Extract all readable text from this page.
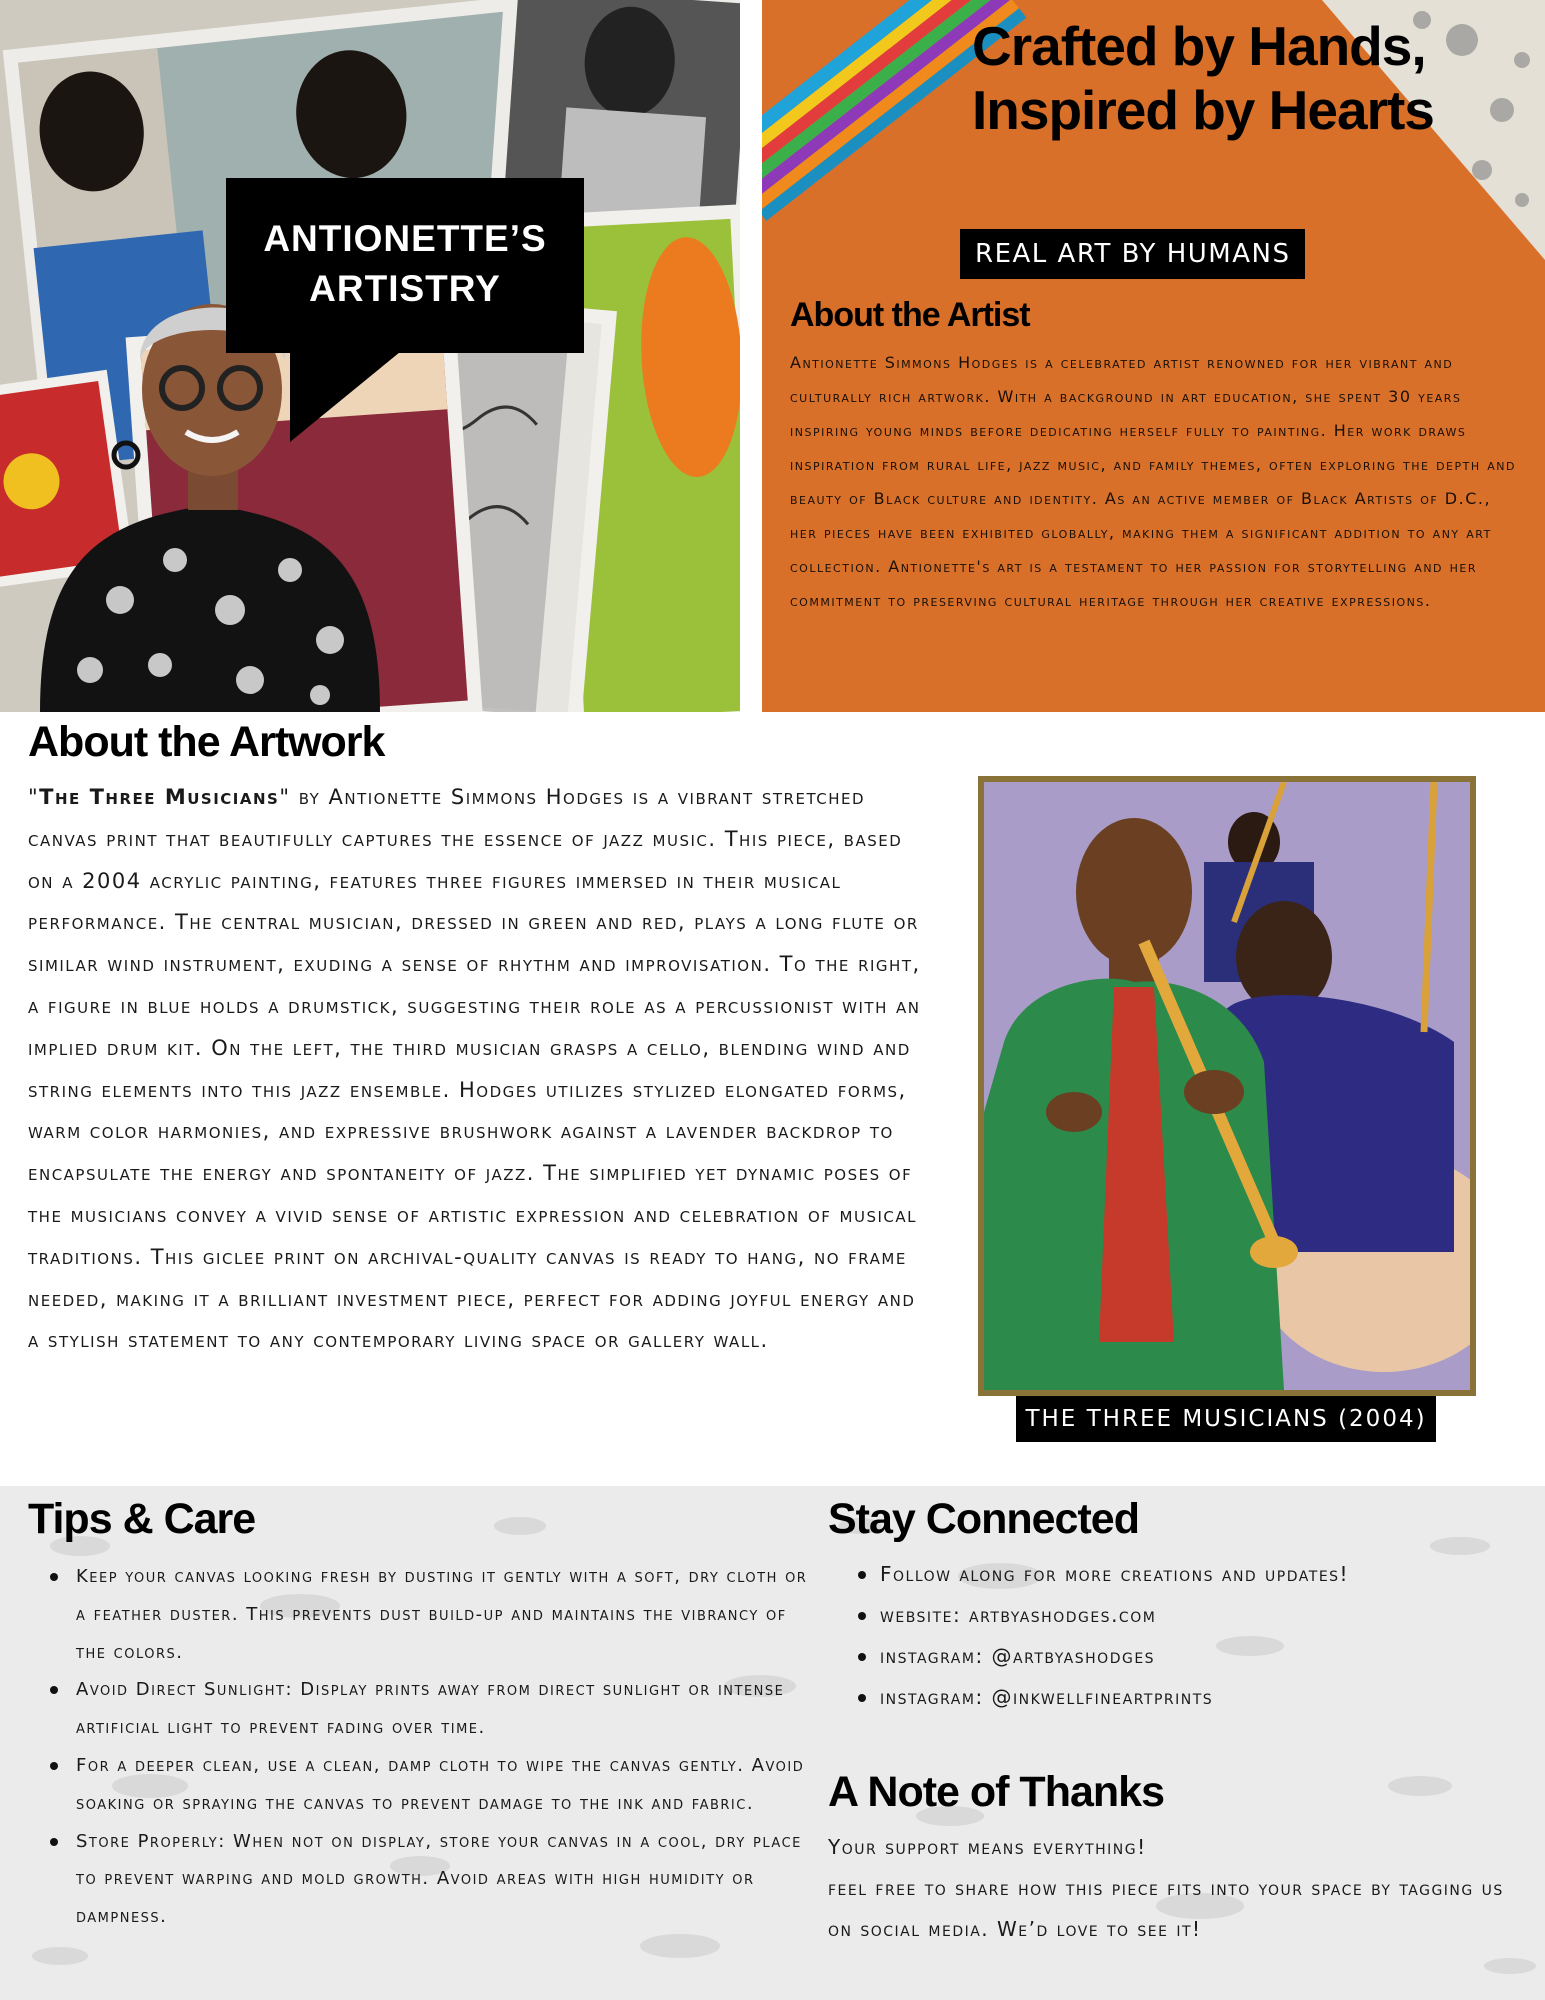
ANTIONETTE’S ARTISTRY
Crafted by Hands, Inspired by Hearts
REAL ART BY HUMANS
About the Artist
Antionette Simmons Hodges is a celebrated artist renowned for her vibrant and culturally rich artwork. With a background in art education, she spent 30 years inspiring young minds before dedicating herself fully to painting. Her work draws inspiration from rural life, jazz music, and family themes, often exploring the depth and beauty of Black culture and identity. As an active member of Black Artists of D.C., her pieces have been exhibited globally, making them a significant addition to any art collection. Antionette's art is a testament to her passion for storytelling and her commitment to preserving cultural heritage through her creative expressions.
About the Artwork
"The Three Musicians" by Antionette Simmons Hodges is a vibrant stretched canvas print that beautifully captures the essence of jazz music. This piece, based on a 2004 acrylic painting, features three figures immersed in their musical performance. The central musician, dressed in green and red, plays a long flute or similar wind instrument, exuding a sense of rhythm and improvisation. To the right, a figure in blue holds a drumstick, suggesting their role as a percussionist with an implied drum kit. On the left, the third musician grasps a cello, blending wind and string elements into this jazz ensemble. Hodges utilizes stylized elongated forms, warm color harmonies, and expressive brushwork against a lavender backdrop to encapsulate the energy and spontaneity of jazz. The simplified yet dynamic poses of the musicians convey a vivid sense of artistic expression and celebration of musical traditions. This giclee print on archival-quality canvas is ready to hang, no frame needed, making it a brilliant investment piece, perfect for adding joyful energy and a stylish statement to any contemporary living space or gallery wall.
THE THREE MUSICIANS (2004)
Tips & Care
Keep your canvas looking fresh by dusting it gently with a soft, dry cloth or a feather duster. This prevents dust build-up and maintains the vibrancy of the colors.
Avoid Direct Sunlight: Display prints away from direct sunlight or intense artificial light to prevent fading over time.
For a deeper clean, use a clean, damp cloth to wipe the canvas gently. Avoid soaking or spraying the canvas to prevent damage to the ink and fabric.
Store Properly: When not on display, store your canvas in a cool, dry place to prevent warping and mold growth. Avoid areas with high humidity or dampness.
Stay Connected
Follow along for more creations and updates!
website: artbyashodges.com
instagram: @artbyashodges
instagram: @inkwellfineartprints
A Note of Thanks
Your support means everything!
feel free to share how this piece fits into your space by tagging us on social media. We’d love to see it!
